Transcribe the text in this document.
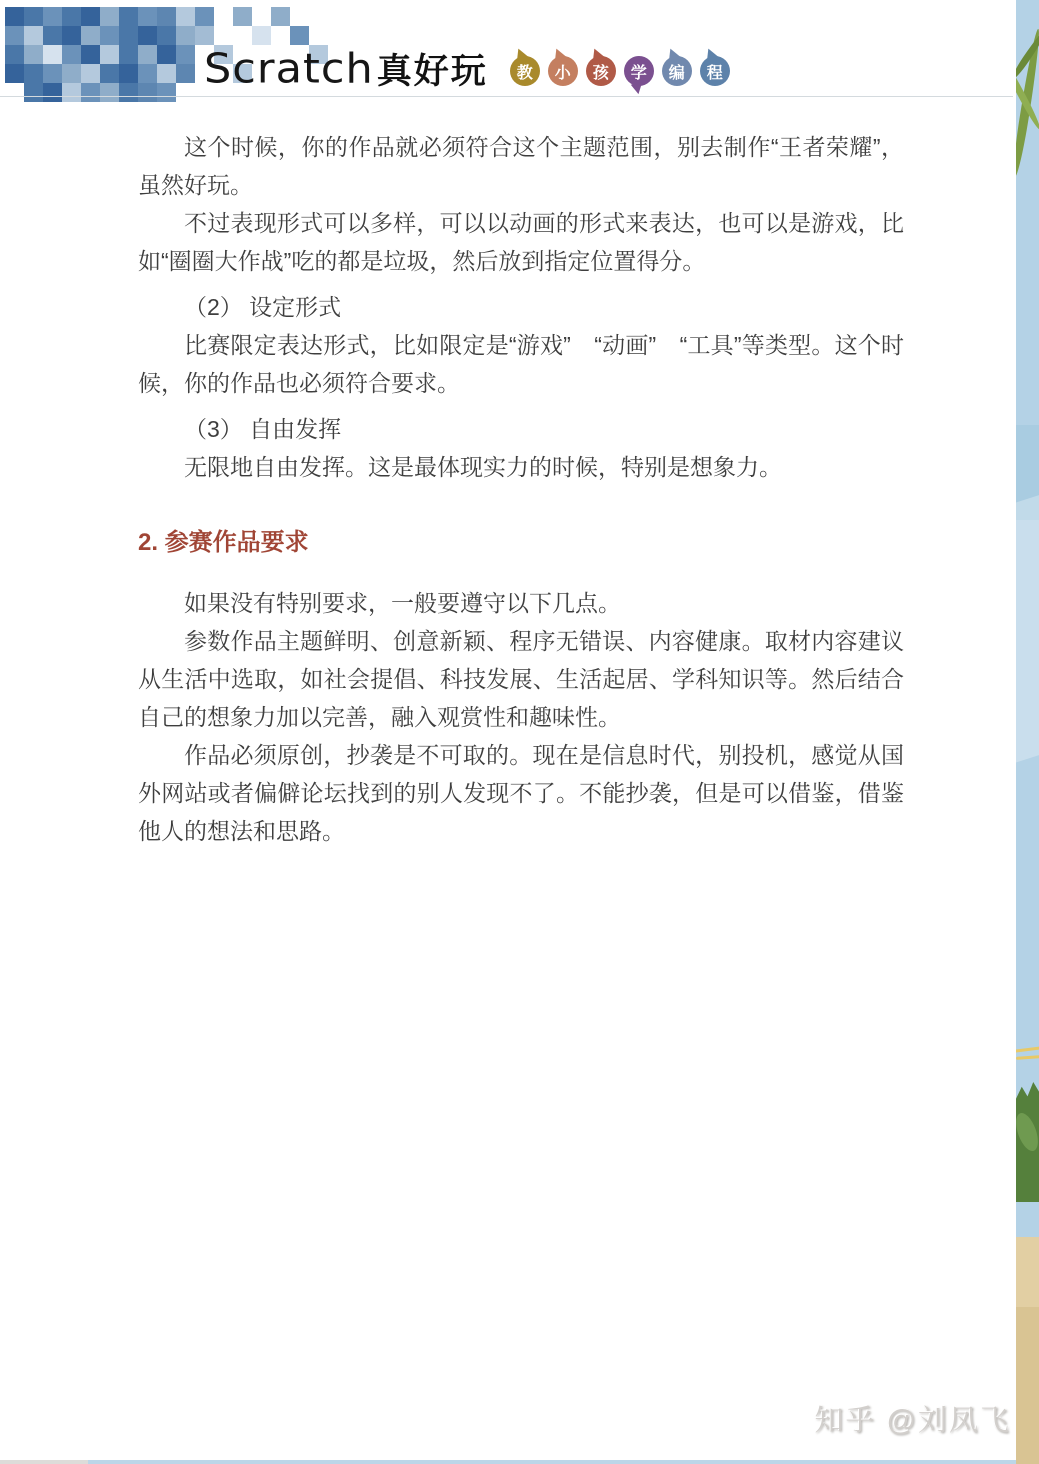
Scratch 真好玩	教	小	孩	学	编	程

这个时候，你的作品就必须符合这个主题范围，别去制作“王者荣耀”，虽然好玩。

不过表现形式可以多样，可以以动画的形式来表达，也可以是游戏，比如“圈圈大作战”吃的都是垃圾，然后放到指定位置得分。

（2） 设定形式

比赛限定表达形式，比如限定是“游戏”　“动画”　“工具”等类型。这个时候，你的作品也必须符合要求。

（3） 自由发挥

无限地自由发挥。这是最体现实力的时候，特别是想象力。

2. 参赛作品要求

如果没有特别要求，一般要遵守以下几点。

参数作品主题鲜明、创意新颖、程序无错误、内容健康。取材内容建议从生活中选取，如社会提倡、科技发展、生活起居、学科知识等。然后结合自己的想象力加以完善，融入观赏性和趣味性。

作品必须原创，抄袭是不可取的。现在是信息时代，别投机，感觉从国外网站或者偏僻论坛找到的别人发现不了。不能抄袭，但是可以借鉴，借鉴他人的想法和思路。

知乎 @刘凤飞
